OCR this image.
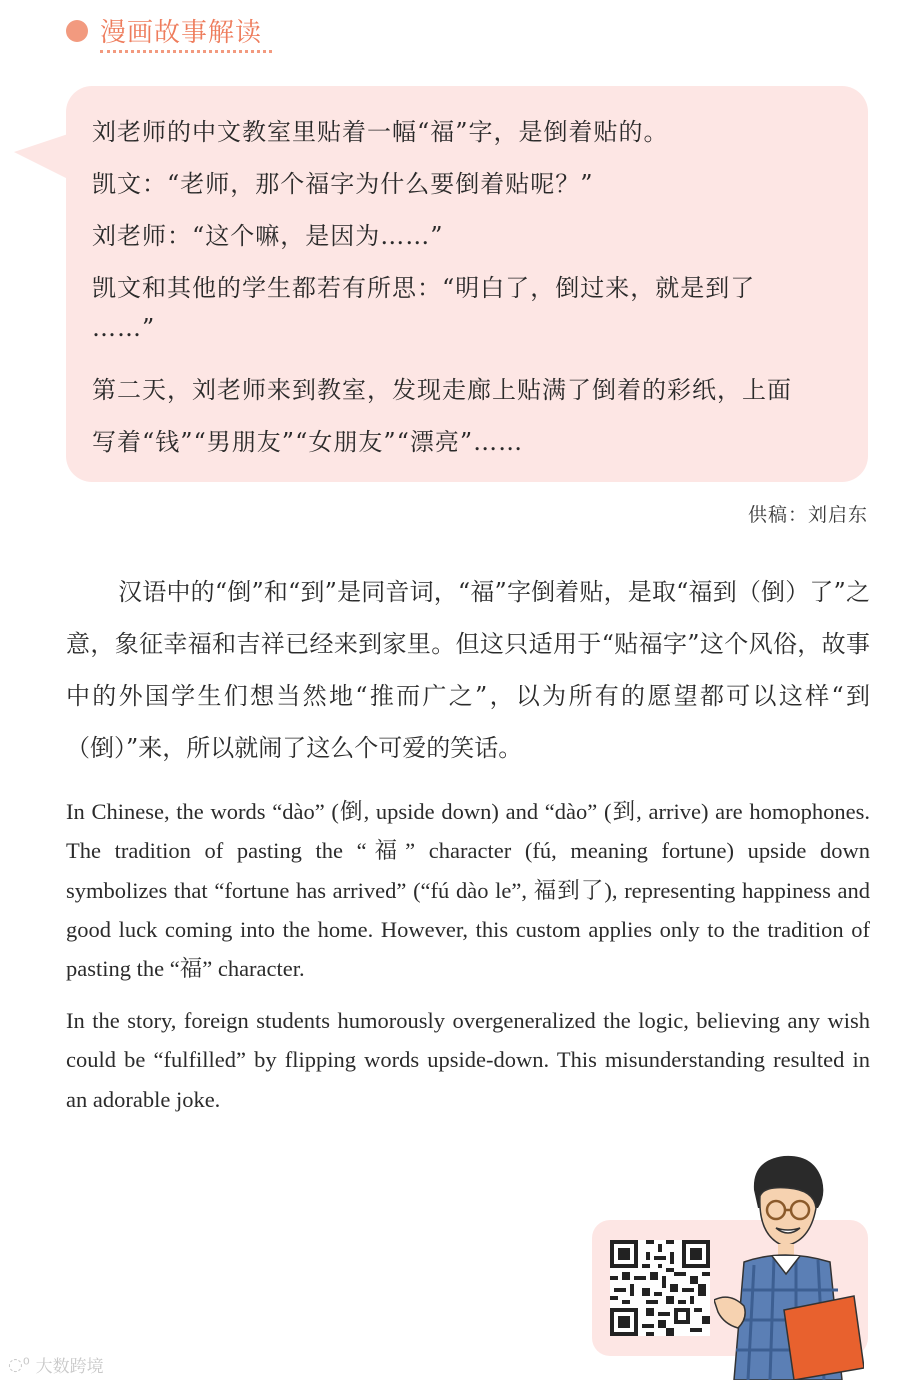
漫画故事解读
刘老师的中文教室里贴着一幅“福”字，是倒着贴的。
凯文：“老师，那个福字为什么要倒着贴呢？”
刘老师：“这个嘛，是因为……”
凯文和其他的学生都若有所思：“明白了，倒过来，就是到了
……”
第二天，刘老师来到教室，发现走廊上贴满了倒着的彩纸，上面
写着“钱”“男朋友”“女朋友”“漂亮”……
供稿：刘启东
汉语中的“倒”和“到”是同音词，“福”字倒着贴，是取“福到（倒）了”之意，象征幸福和吉祥已经来到家里。但这只适用于“贴福字”这个风俗，故事中的外国学生们想当然地“推而广之”，以为所有的愿望都可以这样“到（倒）”来，所以就闹了这么个可爱的笑话。
In Chinese, the words “dào” (倒, upside down) and “dào” (到, arrive) are homophones. The tradition of pasting the “福” character (fú, meaning fortune) upside down symbolizes that “fortune has arrived” (“fú dào le”, 福到了), representing happiness and good luck coming into the home. However, this custom applies only to the tradition of pasting the “福” character.
In the story, foreign students humorously overgeneralized the logic, believing any wish could be “fulfilled” by flipping words upside-down. This misunderstanding resulted in an adorable joke.
◌⁰ 大数跨境
